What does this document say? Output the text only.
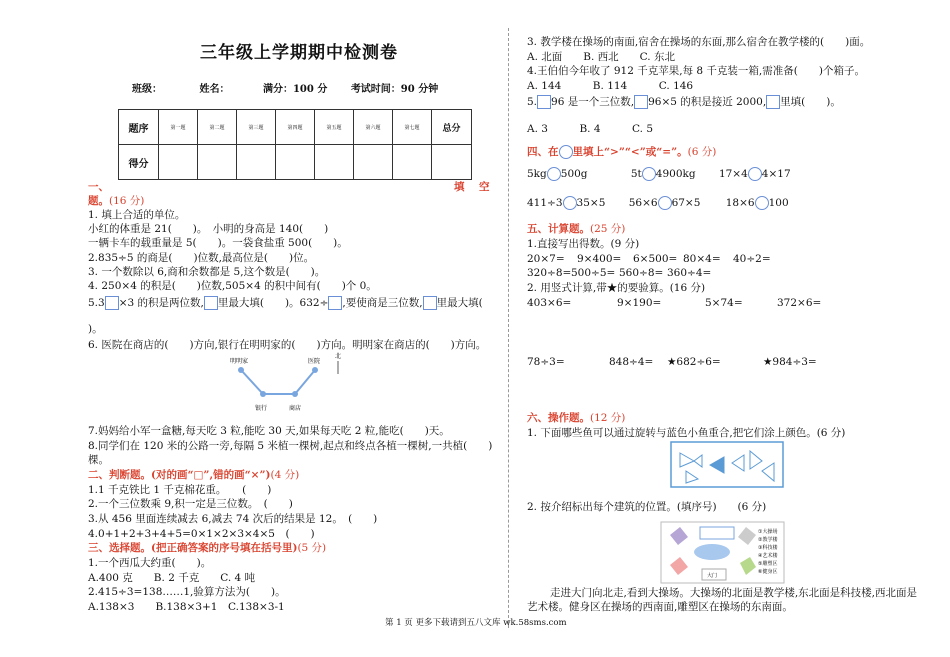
三年级上学期期中检测卷
班级：	姓名：	满分：100 分 考试时间：90 分钟
题序	第一题	第二题	第三题	第四题	第五题	第六题	第七题	总分
得分								
一、	填　空
题。(16 分)
1. 填上合适的单位。
小红的体重是 21(　　)。　小明的身高是 140(　　)
一辆卡车的载重量是 5(　　)。一袋食盐重 500(　　)。
2.835÷5 的商是(　　)位数,最高位是(　　)位。
3. 一个数除以 6,商和余数都是 5,这个数是(　　)。
4. 250×4 的积是(　　)位数,505×4 的积中间有(　　)个 0。
5.3 ×3 的积是两位数, 里最大填(　　)。632÷ ,要使商是三位数, 里最大填(
)。
6. 医院在商店的(　　)方向,银行在明明家的(　　)方向。明明家在商店的(　　)方向。
明明家	医院
北
银行	商店
7.妈妈给小军一盒糖,每天吃 3 粒,能吃 30 天,如果每天吃 2 粒,能吃(　　)天。
8.同学们在 120 米的公路一旁,每隔 5 米植一棵树,起点和终点各植一棵树,一共植(　　)
棵。
二、判断题。(对的画“□”,错的画“×”)(4 分)
1.1 千克铁比 1 千克棉花重。　　(　　)
2.一个三位数乘 9,积一定是三位数。　(　　)
3.从 456 里面连续减去 6,减去 74 次后的结果是 12。　(　　)
4.0+1+2+3+4+5=0×1×2×3×4×5　(　　)
三、选择题。(把正确答案的序号填在括号里)(5 分)
1.一个西瓜大约重(　　)。
A.400 克　　B. 2 千克　　C. 4 吨
2.415÷3=138……1,验算方法为(　　)。
A.138×3　　B.138×3+1　C.138×3-1
3. 教学楼在操场的南面,宿舍在操场的东面,那么宿舍在教学楼的(　　)面。
A. 北面　　B. 西北　　C. 东北
4.王伯伯今年收了 912 千克苹果,每 8 千克装一箱,需准备(　　)个箱子。
A. 144　　　B. 114　　　C. 146
5. 96 是一个三位数, 96×5 的积是接近 2000, 里填(　　)。
A. 3　　　B. 4　　　C. 5
四、在 里填上“>”“<”或“=”。(6 分)
5kg 500g	5t 4900kg 17×4 4×17
411÷3 35×5 56×6 67×5 18×6 100
五、计算题。(25 分)
1.直接写出得数。(9 分)
20×7= 9×400= 6×500= 80×4= 40÷2=
320÷8=500÷5= 560÷8= 360÷4=
2. 用竖式计算,带★的要验算。(16 分)
403×6=	9×190=	5×74=	372×6=
78÷3=	848÷4= ★682÷6=	★984÷3=
六、操作题。(12 分)
1. 下面哪些鱼可以通过旋转与蓝色小鱼重合,把它们涂上颜色。(6 分)
2. 按介绍标出每个建筑的位置。(填序号)　　(6 分)
大门
①大操场
②教学楼
③科技楼
④艺术楼
⑤雕塑区
⑥健身区
走进大门向北走,看到大操场。大操场的北面是教学楼,东北面是科技楼,西北面是
艺术楼。健身区在操场的西南面,雕塑区在操场的东南面。
第 1 页 更多下载请到五八文库 wk.58sms.com
